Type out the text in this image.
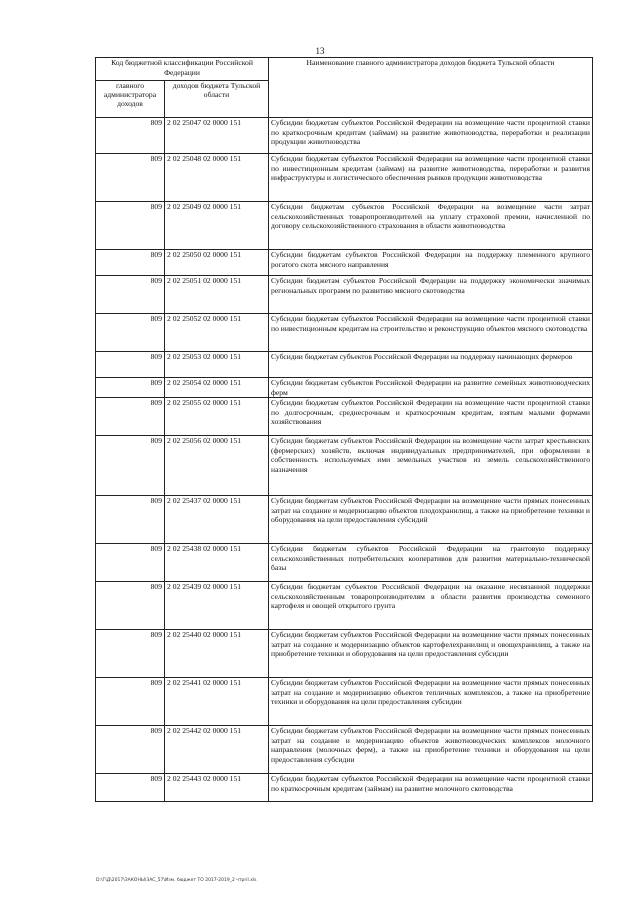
13
Код бюджетной классификации Российской Федерации		Наименование главного администратора доходов бюджета Тульской области
главного администратора доходов	доходов бюджета Тульской области	
809	2 02 25047 02 0000 151	Субсидии бюджетам субъектов Российской Федерации на возмещение части процентной ставки по краткосрочным кредитам (займам) на развитие животноводства, переработки и реализации продукции животноводства
809	2 02 25048 02 0000 151	Субсидии бюджетам субъектов Российской Федерации на возмещение части процентной ставки по инвестиционным кредитам (займам) на развитие животноводства, переработки и развития инфраструктуры и логистического обеспечения рынков продукции животноводства
809	2 02 25049 02 0000 151	Субсидии бюджетам субъектов Российской Федерации на возмещение части затрат сельскохозяйственных товаропроизводителей на уплату страховой премии, начисленной по договору сельскохозяйственного страхования в области животноводства
809	2 02 25050 02 0000 151	Субсидии бюджетам субъектов Российской Федерации на поддержку племенного крупного рогатого скота мясного направления
809	2 02 25051 02 0000 151	Субсидии бюджетам субъектов Российской Федерации на поддержку экономически значимых региональных программ по развитию мясного скотоводства
809	2 02 25052 02 0000 151	Субсидии бюджетам субъектов Российской Федерации на возмещение части процентной ставки по инвестиционным кредитам на строительство и реконструкцию объектов мясного скотоводства
809	2 02 25053 02 0000 151	Субсидии бюджетам субъектов Российской Федерации на поддержку начинающих фермеров
809	2 02 25054 02 0000 151	Субсидии бюджетам субъектов Российской Федерации на развитие семейных животноводческих ферм
809	2 02 25055 02 0000 151	Субсидии бюджетам субъектов Российской Федерации на возмещение части процентной ставки по долгосрочным, среднесрочным и краткосрочным кредитам, взятым малыми формами хозяйствования
809	2 02 25056 02 0000 151	Субсидии бюджетам субъектов Российской Федерации на возмещение части затрат крестьянских (фермерских) хозяйств, включая индивидуальных предпринимателей, при оформлении в собственность используемых ими земельных участков из земель сельскохозяйственного назначения
809	2 02 25437 02 0000 151	Субсидии бюджетам субъектов Российской Федерации на возмещение части прямых понесенных затрат на создание и модернизацию объектов плодохранилищ, а также на приобретение техники и оборудования на цели предоставления субсидий
809	2 02 25438 02 0000 151	Субсидии бюджетам субъектов Российской Федерации на грантовую поддержку сельскохозяйственных потребительских кооперативов для развития материально-технической базы
809	2 02 25439 02 0000 151	Субсидии бюджетам субъектов Российской Федерации на оказание несвязанной поддержки сельскохозяйственным товаропроизводителям в области развития производства семенного картофеля и овощей открытого грунта
809	2 02 25440 02 0000 151	Субсидии бюджетам субъектов Российской Федерации на возмещение части прямых понесенных затрат на создание и модернизацию объектов картофелехранилищ и овощехранилищ, а также на приобретение техники и оборудования на цели предоставления субсидии
809	2 02 25441 02 0000 151	Субсидии бюджетам субъектов Российской Федерации на возмещение части прямых понесенных затрат на создание и модернизацию объектов тепличных комплексов, а также на приобретение техники и оборудования на цели предоставления субсидии
809	2 02 25442 02 0000 151	Субсидии бюджетам субъектов Российской Федерации на возмещение части прямых понесенных затрат на создание и модернизацию объектов животноводческих комплексов молочного направления (молочных ферм), а также на приобретение техники и оборудования на цели предоставления субсидии
809	2 02 25443 02 0000 151	Субсидии бюджетам субъектов Российской Федерации на возмещение части процентной ставки по краткосрочным кредитам (займам) на развитие молочного скотоводства
D:\Г\Д\2017\ЗАКОНЫ\ЗАС_57\Изм. бюджет ТО 2017-2019_2 чтpril.xls
